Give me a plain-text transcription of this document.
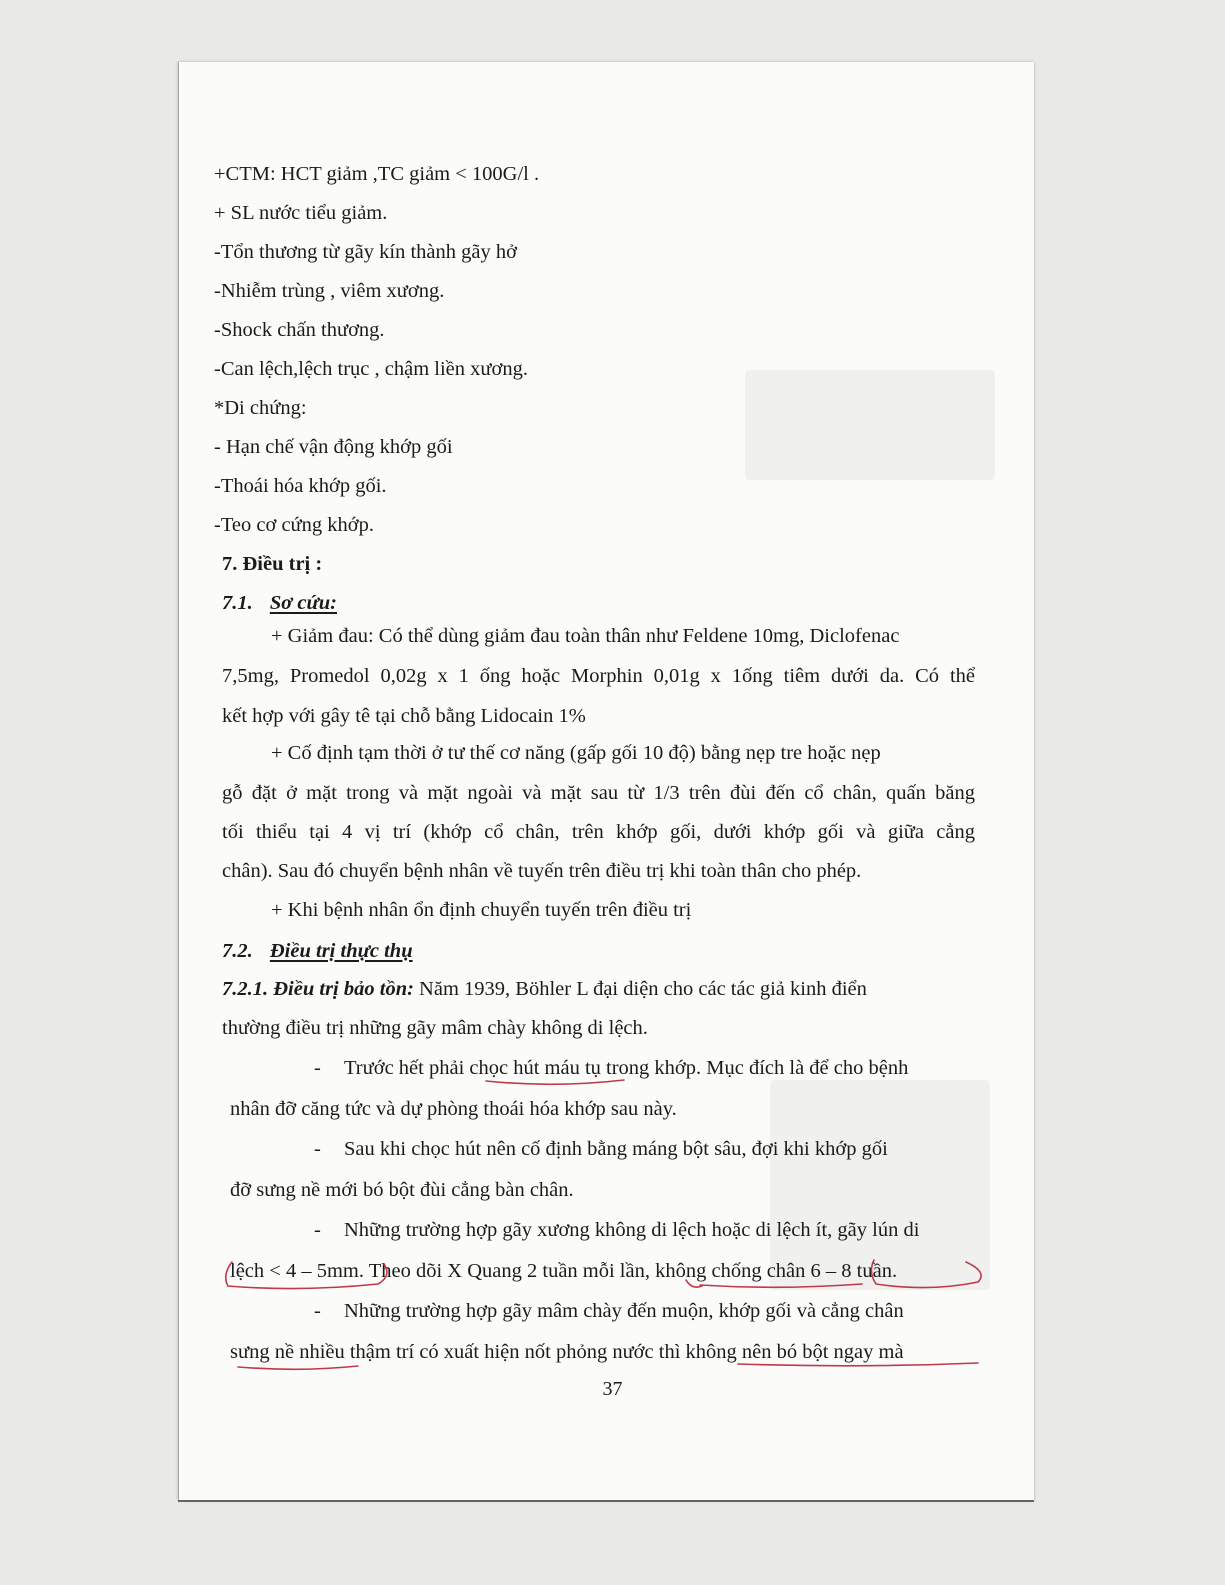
+CTM: HCT giảm ,TC giảm < 100G/l .
+ SL nước tiểu giảm.
-Tổn thương từ gãy kín thành gãy hở
-Nhiễm trùng , viêm xương.
-Shock chấn thương.
-Can lệch,lệch trục , chậm liền xương.
*Di chứng:
- Hạn chế vận động khớp gối
-Thoái hóa khớp gối.
-Teo cơ cứng khớp.
7. Điều trị :
7.1. Sơ cứu:
+ Giảm đau: Có thể dùng giảm đau toàn thân như Feldene 10mg, Diclofenac
7,5mg, Promedol 0,02g x 1 ống hoặc Morphin 0,01g x 1ống tiêm dưới da. Có thể
kết hợp với gây tê tại chỗ bằng Lidocain 1%
+ Cố định tạm thời ở tư thế cơ năng (gấp gối 10 độ) bằng nẹp tre hoặc nẹp
gỗ đặt ở mặt trong và mặt ngoài và mặt sau từ 1/3 trên đùi đến cổ chân, quấn băng
tối thiểu tại 4 vị trí (khớp cổ chân, trên khớp gối, dưới khớp gối và giữa cẳng
chân). Sau đó chuyển bệnh nhân về tuyến trên điều trị khi toàn thân cho phép.
+ Khi bệnh nhân ổn định chuyển tuyến trên điều trị
7.2. Điều trị thực thụ
7.2.1. Điều trị bảo tồn: Năm 1939, Böhler L đại diện cho các tác giả kinh điển
thường điều trị những gãy mâm chày không di lệch.
- Trước hết phải chọc hút máu tụ trong khớp. Mục đích là để cho bệnh
nhân đỡ căng tức và dự phòng thoái hóa khớp sau này.
- Sau khi chọc hút nên cố định bằng máng bột sâu, đợi khi khớp gối
đỡ sưng nề mới bó bột đùi cẳng bàn chân.
- Những trường hợp gãy xương không di lệch hoặc di lệch ít, gãy lún di
lệch < 4 – 5mm. Theo dõi X Quang 2 tuần mỗi lần, không chống chân 6 – 8 tuần.
- Những trường hợp gãy mâm chày đến muộn, khớp gối và cẳng chân
sưng nề nhiều thậm trí có xuất hiện nốt phỏng nước thì không nên bó bột ngay mà
37
